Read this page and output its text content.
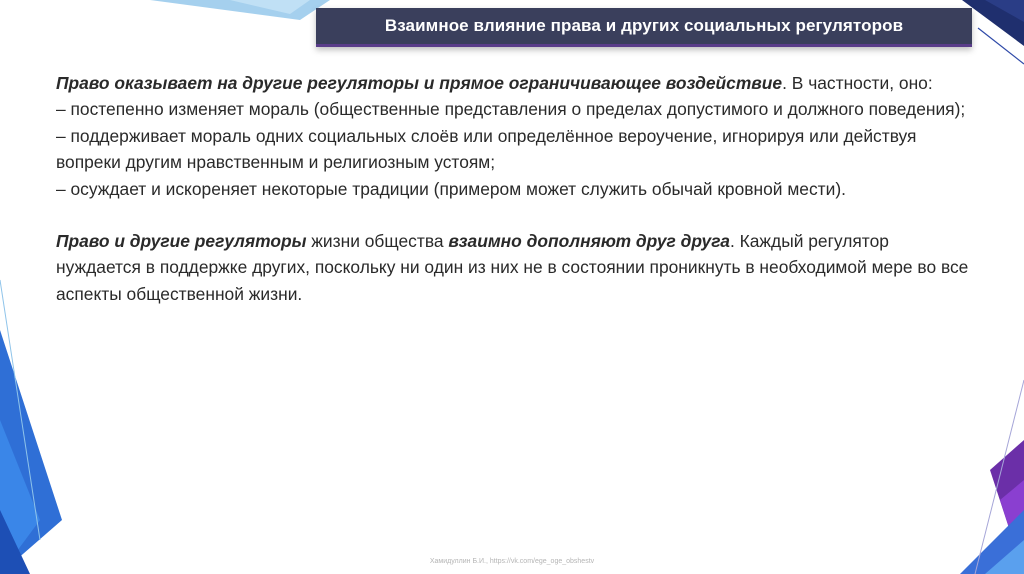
Взаимное влияние права и других социальных регуляторов

Право оказывает на другие регуляторы и прямое ограничивающее воздействие. В частности, оно:

– постепенно изменяет мораль (общественные представления о пределах допустимого и должного поведения);

– поддерживает мораль одних социальных слоёв или определённое вероучение, игнорируя или действуя вопреки другим нравственным и религиозным устоям;

– осуждает и искореняет некоторые традиции (примером может служить обычай кровной мести).

Право и другие регуляторы жизни общества взаимно дополняют друг друга. Каждый регулятор нуждается в поддержке других, поскольку ни один из них не в состоянии проникнуть в необходимой мере во все аспекты общественной жизни.

Хамидуллин Б.И., https://vk.com/ege_oge_obshestv
